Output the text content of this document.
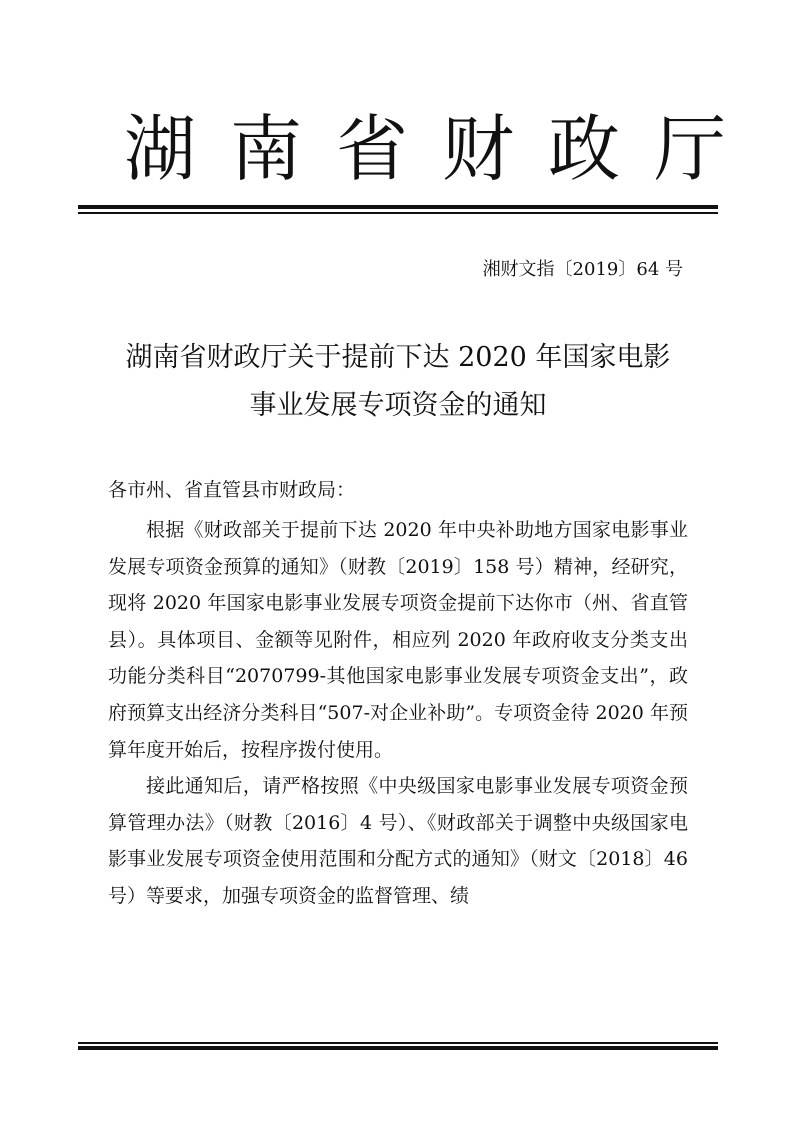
湖南省财政厅
湘财文指〔2019〕64 号
湖南省财政厅关于提前下达 2020 年国家电影
事业发展专项资金的通知
各市州、省直管县市财政局：

根据《财政部关于提前下达 2020 年中央补助地方国家电影事业发展专项资金预算的通知》（财教〔2019〕158 号）精神，经研究，现将 2020 年国家电影事业发展专项资金提前下达你市（州、省直管县）。具体项目、金额等见附件，相应列 2020 年政府收支分类支出功能分类科目“2070799-其他国家电影事业发展专项资金支出”，政府预算支出经济分类科目“507-对企业补助”。专项资金待 2020 年预算年度开始后，按程序拨付使用。

接此通知后，请严格按照《中央级国家电影事业发展专项资金预算管理办法》（财教〔2016〕4 号）、《财政部关于调整中央级国家电影事业发展专项资金使用范围和分配方式的通知》（财文〔2018〕46 号）等要求，加强专项资金的监督管理、绩
